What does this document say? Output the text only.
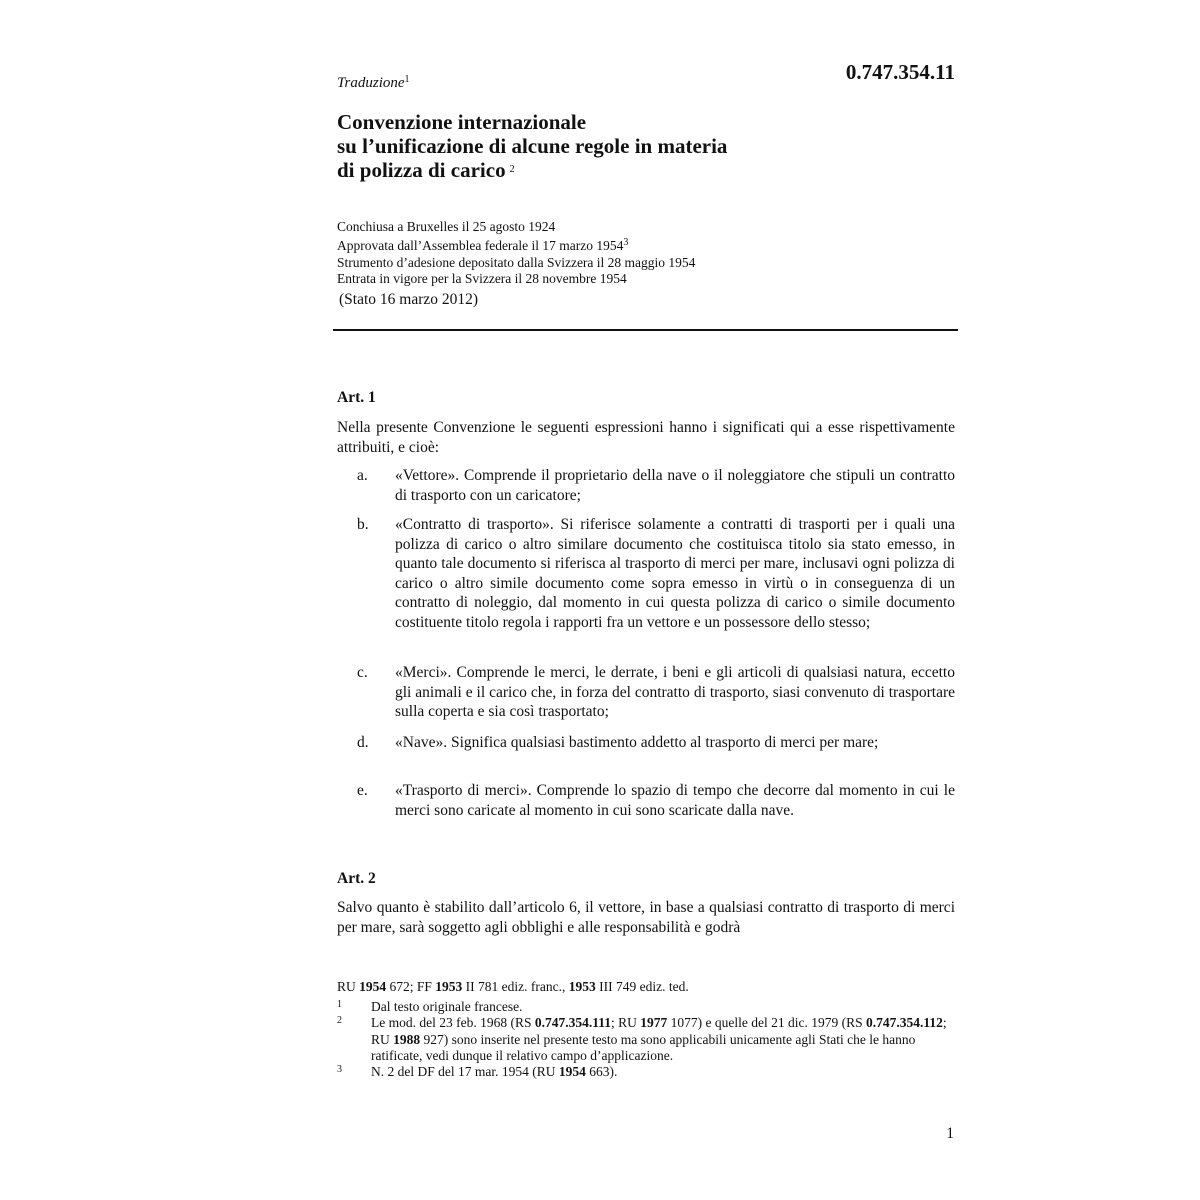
0.747.354.11
Traduzione$^1$
Convenzione internazionale
su l’unificazione di alcune regole in materia
di polizza di carico $^2$
Conchiusa a Bruxelles il 25 agosto 1924
Approvata dall’Assemblea federale il 17 marzo 1954$^3$
Strumento d’adesione depositato dalla Svizzera il 28 maggio 1954
Entrata in vigore per la Svizzera il 28 novembre 1954
(Stato 16 marzo 2012)
Art. 1
Nella presente Convenzione le seguenti espressioni hanno i significati qui a esse rispettivamente attribuiti, e cioè:
a. «Vettore». Comprende il proprietario della nave o il noleggiatore che stipuli un contratto di trasporto con un caricatore;
b. «Contratto di trasporto». Si riferisce solamente a contratti di trasporti per i quali una polizza di carico o altro similare documento che costituisca titolo sia stato emesso, in quanto tale documento si riferisca al trasporto di merci per mare, inclusavi ogni polizza di carico o altro simile documento come sopra emesso in virtù o in conseguenza di un contratto di noleggio, dal momento in cui questa polizza di carico o simile documento costituente titolo regola i rapporti fra un vettore e un possessore dello stesso;
c. «Merci». Comprende le merci, le derrate, i beni e gli articoli di qualsiasi natura, eccetto gli animali e il carico che, in forza del contratto di trasporto, siasi convenuto di trasportare sulla coperta e sia così trasportato;
d. «Nave». Significa qualsiasi bastimento addetto al trasporto di merci per mare;
e. «Trasporto di merci». Comprende lo spazio di tempo che decorre dal momento in cui le merci sono caricate al momento in cui sono scaricate dalla nave.
Art. 2
Salvo quanto è stabilito dall’articolo 6, il vettore, in base a qualsiasi contratto di trasporto di merci per mare, sarà soggetto agli obblighi e alle responsabilità e godrà
RU 1954 672; FF 1953 II 781 ediz. franc., 1953 III 749 ediz. ted.
1 Dal testo originale francese.
2 Le mod. del 23 feb. 1968 (RS 0.747.354.111; RU 1977 1077) e quelle del 21 dic. 1979 (RS 0.747.354.112; RU 1988 927) sono inserite nel presente testo ma sono applicabili unicamente agli Stati che le hanno ratificate, vedi dunque il relativo campo d’applicazione.
3 N. 2 del DF del 17 mar. 1954 (RU 1954 663).
1
